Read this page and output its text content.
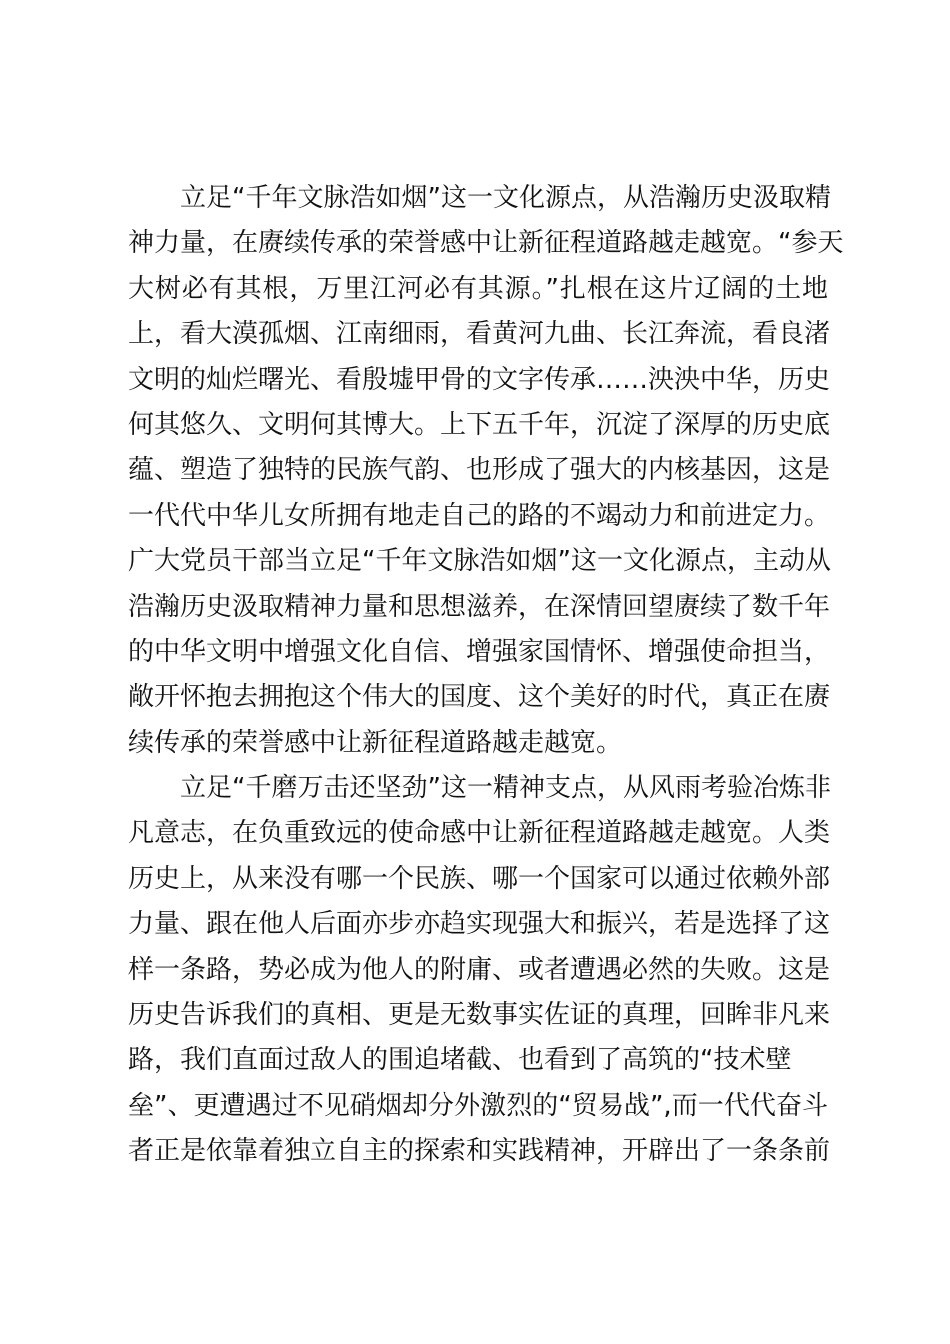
立足“千年文脉浩如烟”这一文化源点，从浩瀚历史汲取精
神力量，在赓续传承的荣誉感中让新征程道路越走越宽。“参天
大树必有其根，万里江河必有其源。”扎根在这片辽阔的土地
上，看大漠孤烟、江南细雨，看黄河九曲、长江奔流，看良渚
文明的灿烂曙光、看殷墟甲骨的文字传承……泱泱中华，历史
何其悠久、文明何其博大。上下五千年，沉淀了深厚的历史底
蕴、塑造了独特的民族气韵、也形成了强大的内核基因，这是
一代代中华儿女所拥有地走自己的路的不竭动力和前进定力。
广大党员干部当立足“千年文脉浩如烟”这一文化源点，主动从
浩瀚历史汲取精神力量和思想滋养，在深情回望赓续了数千年
的中华文明中增强文化自信、增强家国情怀、增强使命担当，
敞开怀抱去拥抱这个伟大的国度、这个美好的时代，真正在赓
续传承的荣誉感中让新征程道路越走越宽。
立足“千磨万击还坚劲”这一精神支点，从风雨考验冶炼非
凡意志，在负重致远的使命感中让新征程道路越走越宽。人类
历史上，从来没有哪一个民族、哪一个国家可以通过依赖外部
力量、跟在他人后面亦步亦趋实现强大和振兴，若是选择了这
样一条路，势必成为他人的附庸、或者遭遇必然的失败。这是
历史告诉我们的真相、更是无数事实佐证的真理，回眸非凡来
路，我们直面过敌人的围追堵截、也看到了高筑的“技术壁
垒”、更遭遇过不见硝烟却分外激烈的“贸易战”,而一代代奋斗
者正是依靠着独立自主的探索和实践精神，开辟出了一条条前
